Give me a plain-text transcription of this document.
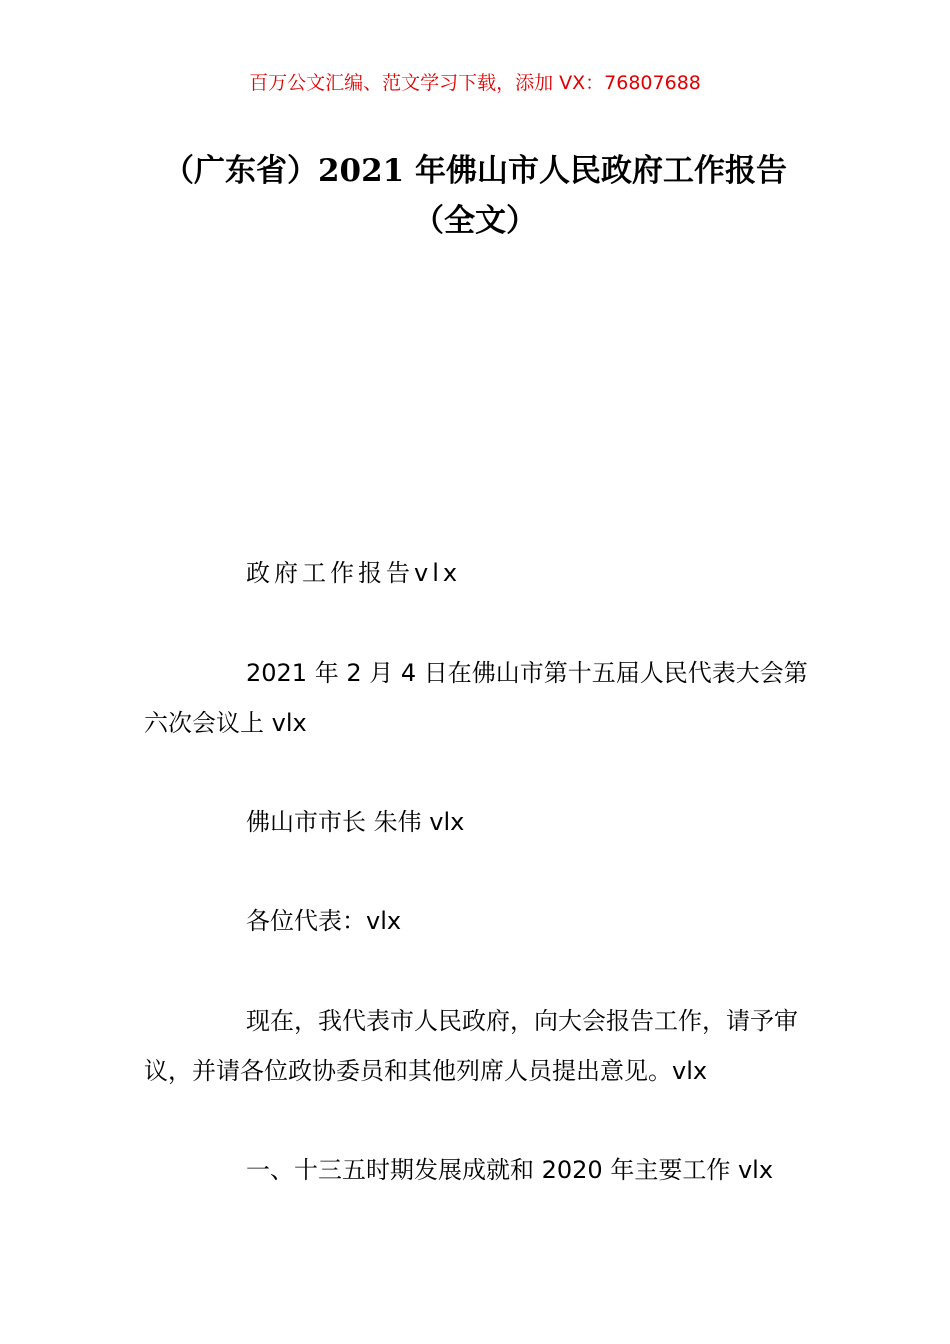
百万公文汇编、范文学习下载，添加 VX：76807688
（广东省）2021 年佛山市人民政府工作报告（全文）
政府工作报告vlx
2021 年 2 月 4 日在佛山市第十五届人民代表大会第六次会议上 vlx
佛山市市长 朱伟 vlx
各位代表：vlx
现在，我代表市人民政府，向大会报告工作，请予审议，并请各位政协委员和其他列席人员提出意见。vlx
一、十三五时期发展成就和 2020 年主要工作 vlx
